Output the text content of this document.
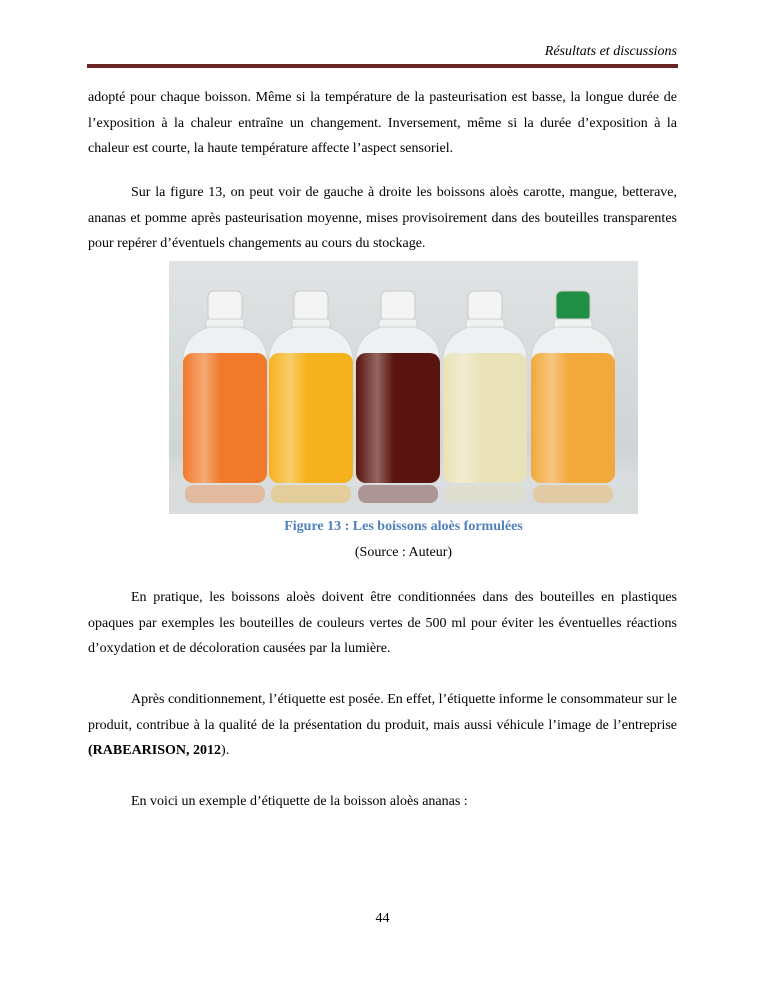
Résultats et discussions

adopté pour chaque boisson. Même si la température de la pasteurisation est basse, la longue durée de l’exposition à la chaleur entraîne un changement. Inversement, même si la durée d’exposition à la chaleur est courte, la haute température affecte l’aspect sensoriel.

Sur la figure 13, on peut voir de gauche à droite les boissons aloès carotte, mangue, betterave, ananas et pomme après pasteurisation moyenne, mises provisoirement dans des bouteilles transparentes pour repérer d’éventuels changements au cours du stockage.

Figure 13 : Les boissons aloès formulées
(Source : Auteur)

En pratique, les boissons aloès doivent être conditionnées dans des bouteilles en plastiques opaques par exemples les bouteilles de couleurs vertes de 500 ml pour éviter les éventuelles réactions d’oxydation et de décoloration causées par la lumière.

Après conditionnement, l’étiquette est posée. En effet, l’étiquette informe le consommateur sur le produit, contribue à la qualité de la présentation du produit, mais aussi véhicule l’image de l’entreprise (RABEARISON, 2012).

En voici un exemple d’étiquette de la boisson aloès ananas :

44
